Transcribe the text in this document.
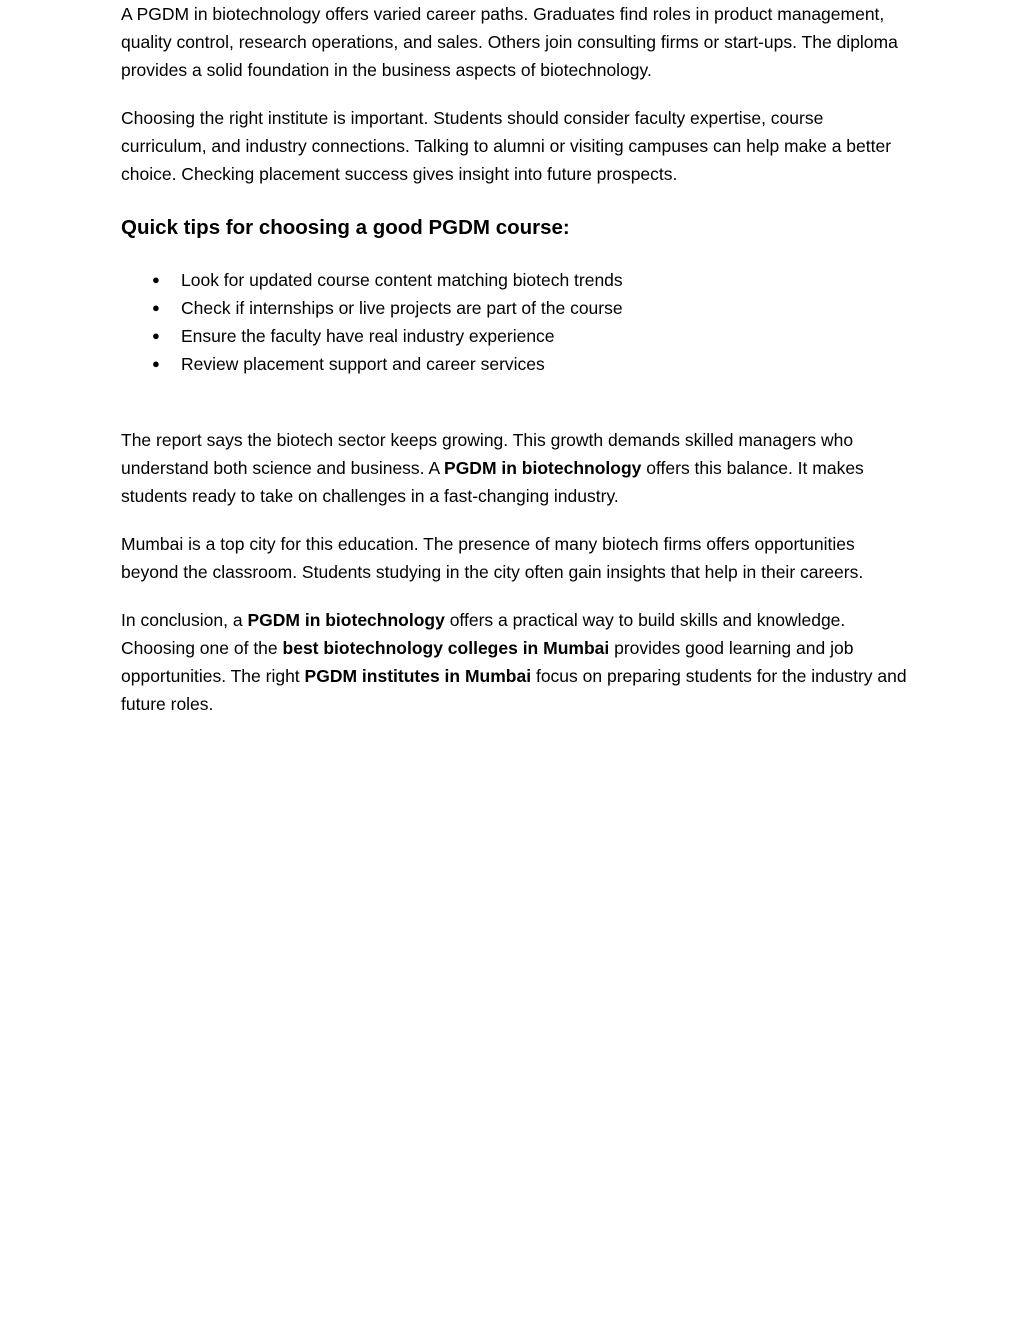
A PGDM in biotechnology offers varied career paths. Graduates find roles in product management, quality control, research operations, and sales. Others join consulting firms or start-ups. The diploma provides a solid foundation in the business aspects of biotechnology.

Choosing the right institute is important. Students should consider faculty expertise, course curriculum, and industry connections. Talking to alumni or visiting campuses can help make a better choice. Checking placement success gives insight into future prospects.

Quick tips for choosing a good PGDM course:
● Look for updated course content matching biotech trends
● Check if internships or live projects are part of the course
● Ensure the faculty have real industry experience
● Review placement support and career services

The report says the biotech sector keeps growing. This growth demands skilled managers who understand both science and business. A PGDM in biotechnology offers this balance. It makes students ready to take on challenges in a fast-changing industry.

Mumbai is a top city for this education. The presence of many biotech firms offers opportunities beyond the classroom. Students studying in the city often gain insights that help in their careers.

In conclusion, a PGDM in biotechnology offers a practical way to build skills and knowledge. Choosing one of the best biotechnology colleges in Mumbai provides good learning and job opportunities. The right PGDM institutes in Mumbai focus on preparing students for the industry and future roles.
